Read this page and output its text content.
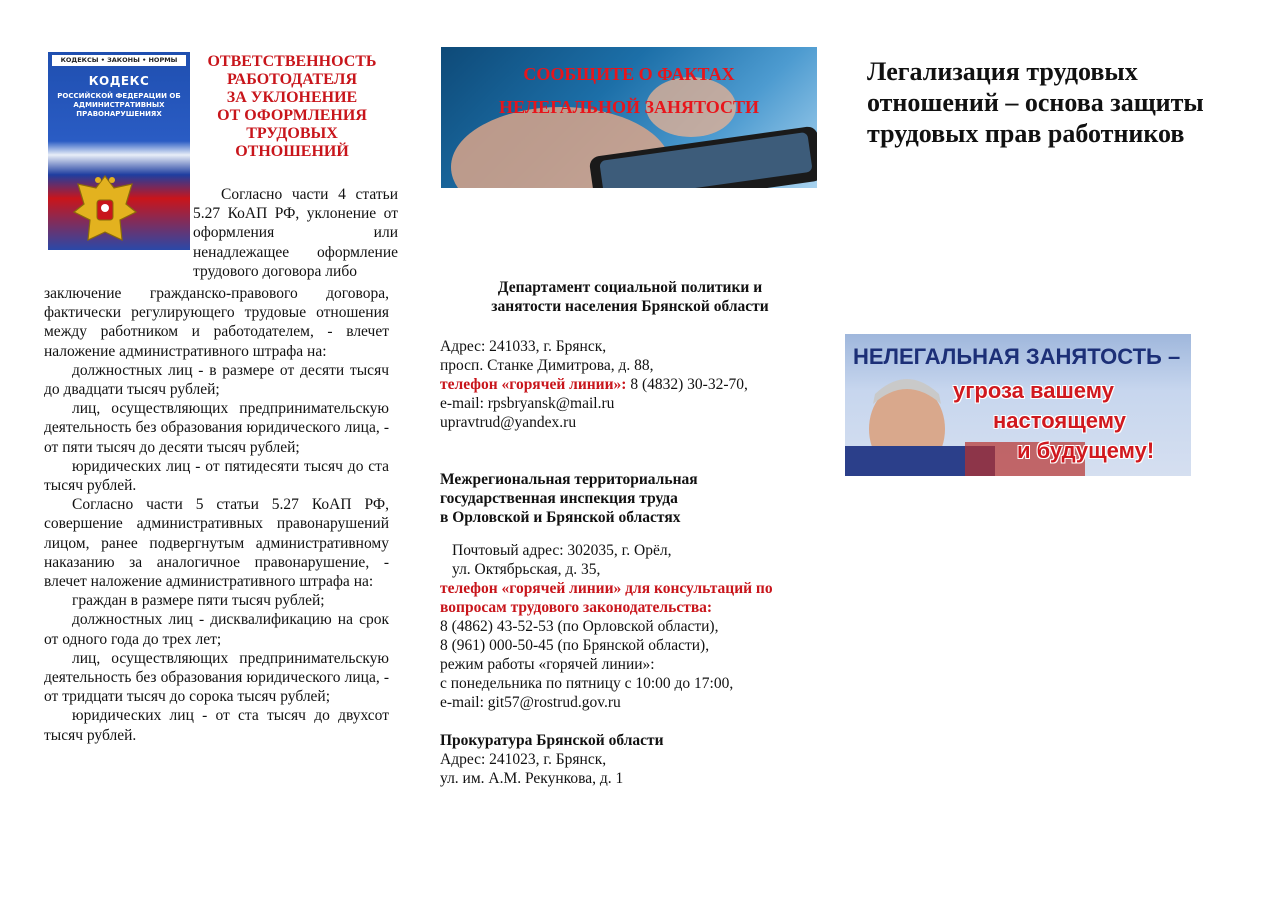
КОДЕКСЫ • ЗАКОНЫ • НОРМЫ
КОДЕКС
РОССИЙСКОЙ ФЕДЕРАЦИИ ОБ АДМИНИСТРАТИВНЫХ ПРАВОНАРУШЕНИЯХ
ОТВЕТСТВЕННОСТЬ
РАБОТОДАТЕЛЯ
ЗА УКЛОНЕНИЕ
ОТ ОФОРМЛЕНИЯ
ТРУДОВЫХ
ОТНОШЕНИЙ
Согласно части 4 статьи 5.27 КоАП РФ, уклонение от оформления или ненадлежащее оформление трудового договора либо
заключение гражданско-правового договора, фактически регулирующего трудовые отношения между работником и работодателем, - влечет наложение административного штрафа на:
должностных лиц - в размере от десяти тысяч до двадцати тысяч рублей;
лиц, осуществляющих предпринимательскую деятельность без образования юридического лица, - от пяти тысяч до десяти тысяч рублей;
юридических лиц - от пятидесяти тысяч до ста тысяч рублей.
Согласно части 5 статьи 5.27 КоАП РФ, совершение административных правонарушений лицом, ранее подвергнутым административному наказанию за аналогичное правонарушение, - влечет наложение административного штрафа на:
граждан в размере пяти тысяч рублей;
должностных лиц - дисквалификацию на срок от одного года до трех лет;
лиц, осуществляющих предпринимательскую деятельность без образования юридического лица, - от тридцати тысяч до сорока тысяч рублей;
юридических лиц - от ста тысяч до двухсот тысяч рублей.
СООБЩИТЕ О ФАКТАХ
НЕЛЕГАЛЬНОЙ ЗАНЯТОСТИ
Департамент социальной политики и
занятости населения Брянской области
Адрес: 241033, г. Брянск,
просп. Станке Димитрова, д. 88,
телефон «горячей линии»: 8 (4832) 30-32-70,
e-mail: rpsbryansk@mail.ru
upravtrud@yandex.ru
Межрегиональная территориальная
государственная инспекция труда
в Орловской и Брянской областях
Почтовый адрес: 302035, г. Орёл,
ул. Октябрьская, д. 35,
телефон «горячей линии» для консультаций по
вопросам трудового законодательства:
8 (4862) 43-52-53 (по Орловской области),
8 (961) 000-50-45 (по Брянской области),
режим работы «горячей линии»:
с понедельника по пятницу с 10:00 до 17:00,
e-mail: git57@rostrud.gov.ru
Прокуратура Брянской области
Адрес: 241023, г. Брянск,
ул. им. А.М. Рекункова, д. 1
Легализация трудовых
отношений – основа защиты
трудовых прав работников
НЕЛЕГАЛЬНАЯ ЗАНЯТОСТЬ –
угроза вашему
настоящему
и будущему!
